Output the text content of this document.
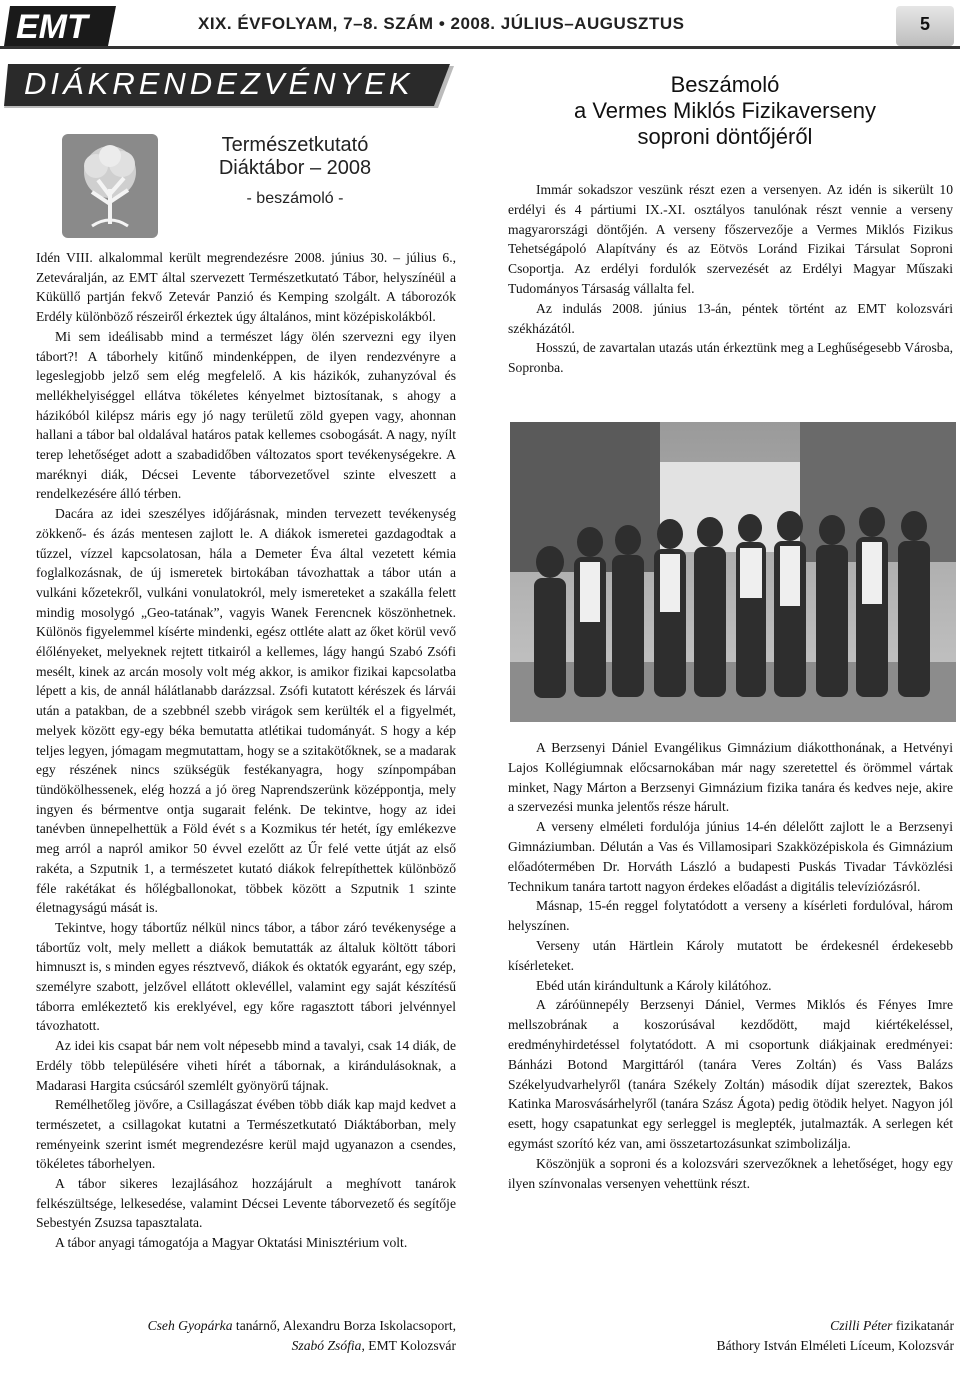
EMT	XIX. ÉVFOLYAM, 7–8. SZÁM • 2008. JÚLIUS–AUGUSZTUS	5
DIÁKRENDEZVÉNYEK
Természetkutató
Diáktábor – 2008
- beszámoló -

Idén VIII. alkalommal került megrendezésre 2008. június 30. – július 6., Zeteváralján, az EMT által szervezett Természetkutató Tábor, helyszínéül a Küküllő partján fekvő Zetevár Panzió és Kemping szolgált. A táborozók Erdély különböző részeiről érkeztek úgy általános, mint középiskolákból.

Mi sem ideálisabb mind a természet lágy ölén szervezni egy ilyen tábort?! A táborhely kitűnő mindenképpen, de ilyen rendezvényre a legeslegjobb jelző sem elég megfelelő. A kis házikók, zuhanyzóval és mellékhelyiséggel ellátva tökéletes kényelmet biztosítanak, s ahogy a házikóból kilépsz máris egy jó nagy területű zöld gyepen vagy, ahonnan hallani a tábor bal oldalával határos patak kellemes csobogását. A nagy, nyílt terep lehetőséget adott a szabadidőben változatos sport tevékenységekre. A maréknyi diák, Décsei Levente táborvezetővel szinte elveszett a rendelkezésére álló térben.

Dacára az idei szeszélyes időjárásnak, minden tervezett tevékenység zökkenő- és ázás mentesen zajlott le. A diákok ismeretei gazdagodtak a tűzzel, vízzel kapcsolatosan, hála a Demeter Éva által vezetett kémia foglalkozásnak, de új ismeretek birtokában távozhattak a tábor után a vulkáni kőzetekről, vulkáni vonulatokról, mely ismereteket a szakálla felett mindig mosolygó „Geo-tatának”, vagyis Wanek Ferencnek köszönhetnek. Különös figyelemmel kísérte mindenki, egész ottléte alatt az őket körül vevő élőlényeket, melyeknek rejtett titkairól a kellemes, lágy hangú Szabó Zsófi mesélt, kinek az arcán mosoly volt még akkor, is amikor fizikai kapcsolatba lépett a kis, de annál hálátlanabb darázzsal. Zsófi kutatott kérészek és lárvái után a patakban, de a szebbnél szebb virágok sem kerülték el a figyelmét, melyek között egy-egy béka bemutatta atlétikai tudományát. S hogy a kép teljes legyen, jómagam megmutattam, hogy se a szitakötőknek, se a madarak egy részének nincs szükségük festékanyagra, hogy színpompában tündökölhessenek, elég hozzá a jó öreg Naprendszerünk középpontja, mely ingyen és bérmentve ontja sugarait felénk. De tekintve, hogy az idei tanévben ünnepelhettük a Föld évét s a Kozmikus tér hetét, így emlékezve meg arról a napról amikor 50 évvel ezelőtt az Űr felé vette útját az első rakéta, a Szputnik 1, a természetet kutató diákok felrepíthettek különböző féle rakétákat és hőlégballonokat, többek között a Szputnik 1 szinte életnagyságú mását is.

Tekintve, hogy tábortűz nélkül nincs tábor, a tábor záró tevékenysége a tábortűz volt, mely mellett a diákok bemutatták az általuk költött tábori himnuszt is, s minden egyes résztvevő, diákok és oktatók egyaránt, egy szép, személyre szabott, jelzővel ellátott oklevéllel, valamint egy saját készítésű táborra emlékeztető kis ereklyével, egy kőre ragasztott tábori jelvénnyel távozhatott.

Az idei kis csapat bár nem volt népesebb mind a tavalyi, csak 14 diák, de Erdély több településére viheti hírét a tábornak, a kirándulásoknak, a Madarasi Hargita csúcsáról szemlélt gyönyörű tájnak.

Remélhetőleg jövőre, a Csillagászat évében több diák kap majd kedvet a természetet, a csillagokat kutatni a Természetkutató Diáktáborban, mely reményeink szerint ismét megrendezésre kerül majd ugyanazon a csendes, tökéletes táborhelyen.

A tábor sikeres lezajlásához hozzájárult a meghívott tanárok felkészültsége, lelkesedése, valamint Décsei Levente táborvezető és segítője Sebestyén Zsuzsa tapasztalata.

A tábor anyagi támogatója a Magyar Oktatási Minisztérium volt.

Cseh Gyopárka tanárnő, Alexandru Borza Iskolacsoport,
Szabó Zsófia, EMT Kolozsvár
Beszámoló
a Vermes Miklós Fizikaverseny
soproni döntőjéről

Immár sokadszor veszünk részt ezen a versenyen. Az idén is sikerült 10 erdélyi és 4 pártiumi IX.-XI. osztályos tanulónak részt vennie a verseny magyarországi döntőjén. A verseny főszervezője a Vermes Miklós Fizikus Tehetségápoló Alapítvány és az Eötvös Loránd Fizikai Társulat Soproni Csoportja. Az erdélyi fordulók szervezését az Erdélyi Magyar Műszaki Tudományos Társaság vállalta fel.

Az indulás 2008. június 13-án, péntek történt az EMT kolozsvári székházától.

Hosszú, de zavartalan utazás után érkeztünk meg a Leghűségesebb Városba, Sopronba.

A Berzsenyi Dániel Evangélikus Gimnázium diákotthonának, a Hetvényi Lajos Kollégiumnak előcsarnokában már nagy szeretettel és örömmel vártak minket, Nagy Márton a Berzsenyi Gimnázium fizika tanára és kedves neje, akire a szervezési munka jelentős része hárult.

A verseny elméleti fordulója június 14-én délelőtt zajlott le a Berzsenyi Gimnáziumban. Délután a Vas és Villamosipari Szakközépiskola és Gimnázium előadótermében Dr. Horváth László a budapesti Puskás Tivadar Távközlési Technikum tanára tartott nagyon érdekes előadást a digitális televíziózásról.

Másnap, 15-én reggel folytatódott a verseny a kísérleti fordulóval, három helyszínen.

Verseny után Härtlein Károly mutatott be érdekesnél érdekesebb kísérleteket.

Ebéd után kirándultunk a Károly kilátóhoz.

A záróünnepély Berzsenyi Dániel, Vermes Miklós és Fényes Imre mellszobrának a koszorúsával kezdődött, majd kiértékeléssel, eredményhirdetéssel folytatódott. A mi csoportunk diákjainak eredményei: Bánházi Botond Margittáról (tanára Veres Zoltán) és Vass Balázs Székelyudvarhelyről (tanára Székely Zoltán) második díjat szereztek, Bakos Katinka Marosvásárhelyről (tanára Szász Ágota) pedig ötödik helyet. Nagyon jól esett, hogy csapatunkat egy serleggel is meglepték, jutalmazták. A serlegen két egymást szorító kéz van, ami összetartozásunkat szimbolizálja.

Köszönjük a soproni és a kolozsvári szervezőknek a lehetőséget, hogy egy ilyen színvonalas versenyen vehettünk részt.

Czilli Péter fizikatanár
Báthory István Elméleti Líceum, Kolozsvár
